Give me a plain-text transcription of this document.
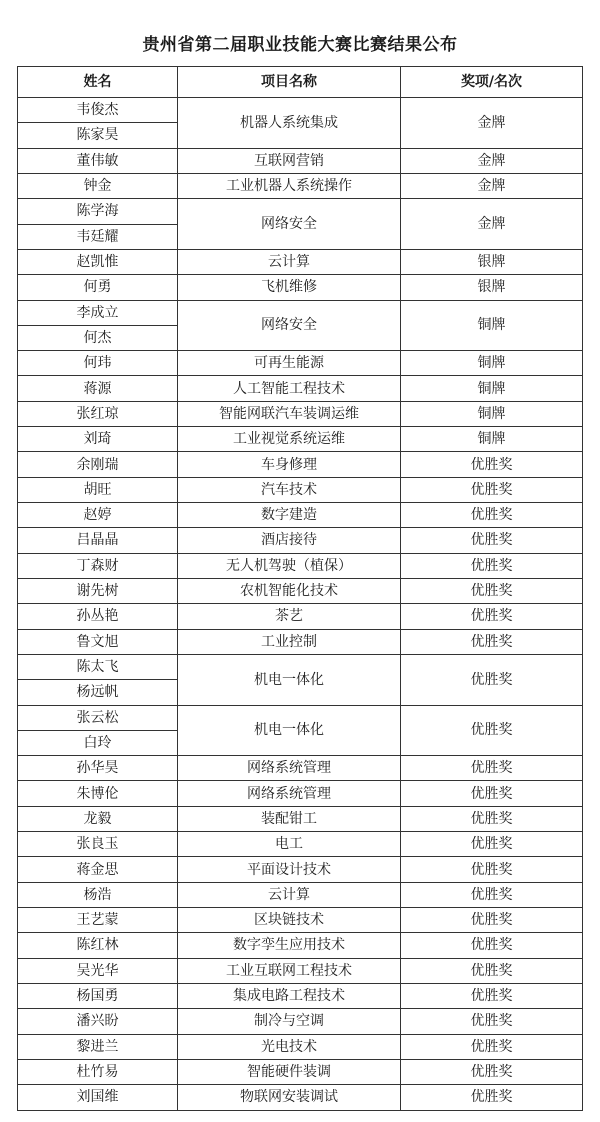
贵州省第二届职业技能大赛比赛结果公布
姓名	项目名称	奖项/名次
韦俊杰	机器人系统集成	金牌
陈家昊		
董伟敏	互联网营销	金牌
钟金	工业机器人系统操作	金牌
陈学海	网络安全	金牌
韦廷耀		
赵凯惟	云计算	银牌
何勇	飞机维修	银牌
李成立	网络安全	铜牌
何杰		
何玮	可再生能源	铜牌
蒋源	人工智能工程技术	铜牌
张红琼	智能网联汽车装调运维	铜牌
刘琦	工业视觉系统运维	铜牌
余刚瑞	车身修理	优胜奖
胡旺	汽车技术	优胜奖
赵婷	数字建造	优胜奖
吕晶晶	酒店接待	优胜奖
丁森财	无人机驾驶（植保）	优胜奖
谢先树	农机智能化技术	优胜奖
孙丛艳	茶艺	优胜奖
鲁文旭	工业控制	优胜奖
陈太飞	机电一体化	优胜奖
杨远帆		
张云松	机电一体化	优胜奖
白玲		
孙华昊	网络系统管理	优胜奖
朱博伦	网络系统管理	优胜奖
龙毅	装配钳工	优胜奖
张良玉	电工	优胜奖
蒋金思	平面设计技术	优胜奖
杨浩	云计算	优胜奖
王艺蒙	区块链技术	优胜奖
陈红林	数字孪生应用技术	优胜奖
吴光华	工业互联网工程技术	优胜奖
杨国勇	集成电路工程技术	优胜奖
潘兴盼	制冷与空调	优胜奖
黎进兰	光电技术	优胜奖
杜竹易	智能硬件装调	优胜奖
刘国维	物联网安装调试	优胜奖
